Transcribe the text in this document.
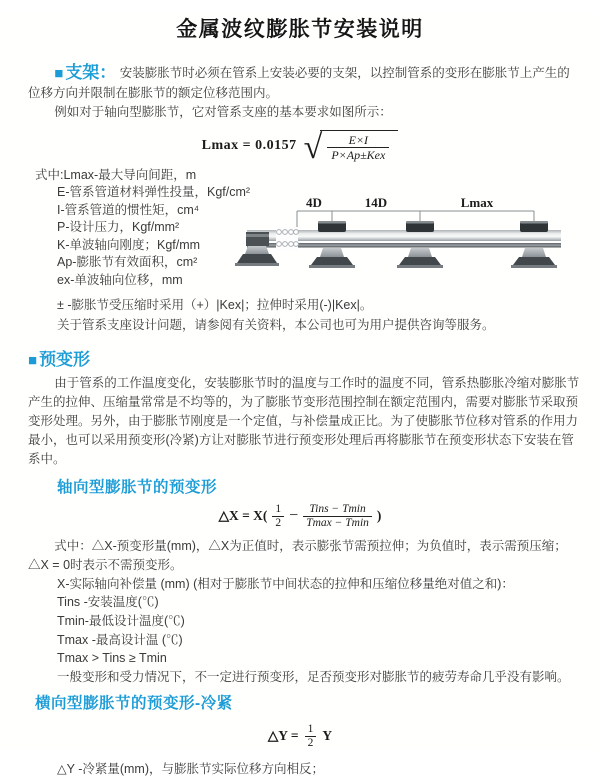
金属波纹膨胀节安装说明

■ 支架： 安装膨胀节时必须在管系上安装必要的支架，以控制管系的变形在膨胀节上产生的位移方向并限制在膨胀节的额定位移范围内。

例如对于轴向型膨胀节，它对管系支座的基本要求如图所示：

Lmax = 0.0157 √
$\frac{E\times I}{\text{P×Ap±Kex}}$
式中:Lmax-最大导向间距，m
E-管系管道材料弹性投量，Kgf/cm²
I-管系管道的惯性矩，cm⁴
P-设计压力，Kgf/mm²
K-单波轴向刚度；Kgf/mm
Ap-膨胀节有效面积，cm²
ex-单波轴向位移，mm
± -膨胀节受压缩时采用（+）|Kex|；拉伸时采用(-)|Kex|。
关于管系支座设计问题，请参阅有关资料，本公司也可为用户提供咨询等服务。
4D	14D	Lmax
■ 预变形

由于管系的工作温度变化，安装膨胀节时的温度与工作时的温度不同，管系热膨胀冷缩对膨胀节产生的拉伸、压缩量常常是不均等的，为了膨胀节变形范围控制在额定范围内，需要对膨胀节采取预变形处理。另外，由于膨胀节刚度是一个定值，与补偿量成正比。为了使膨胀节位移对管系的作用力最小，也可以采用预变形(冷紧)方让对膨胀节进行预变形处理后再将膨胀节在预变形状态下安装在管系中。

轴向型膨胀节的预变形
△X = $X( \frac{1}{2} - \frac{\text{Tins − Tmin}}{Tmax - Tmin}$ )

式中：△X-预变形量(mm)，△X为正值时，表示膨张节需预拉伸；为负值时，表示需预压缩；△X = 0时表示不需预变形。

X-实际轴向补偿量 (mm) (相对于膨胀节中间状态的拉伸和压缩位移量绝对值之和)：
Tins -安装温度(℃)
Tmin-最低设计温度(℃)
Tmax -最高设计温 (℃)
Tmax > Tins ≥ Tmin
一般变形和受力情况下，不一定进行预变形，足否预变形对膨胀节的疲劳寿命几乎没有影响。
横向型膨胀节的预变形-冷紧
△Y = $\frac{1}{2}$ Y
△Y -冷紧量(mm)，与膨胀节实际位移方向相反；
